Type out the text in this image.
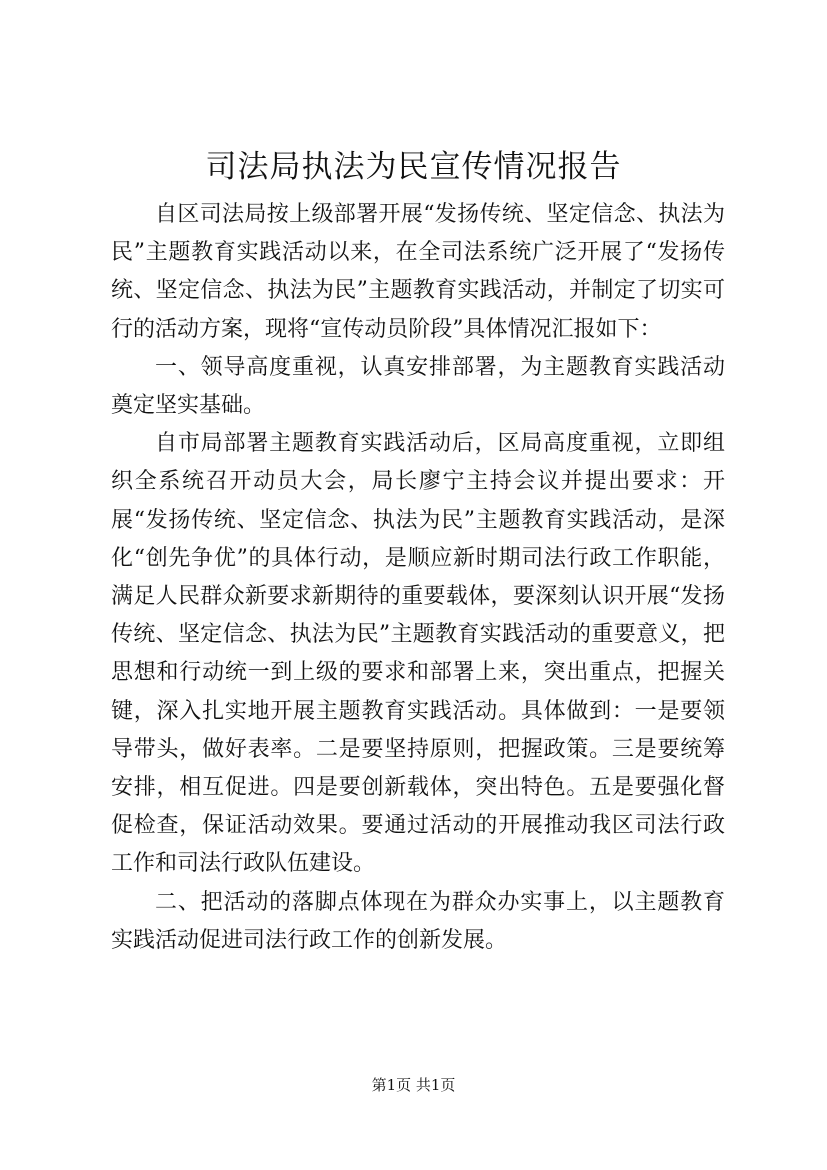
司法局执法为民宣传情况报告

自区司法局按上级部署开展“发扬传统、坚定信念、执法为民”主题教育实践活动以来，在全司法系统广泛开展了“发扬传统、坚定信念、执法为民”主题教育实践活动，并制定了切实可行的活动方案，现将“宣传动员阶段”具体情况汇报如下：

一、领导高度重视，认真安排部署，为主题教育实践活动奠定坚实基础。

自市局部署主题教育实践活动后，区局高度重视，立即组织全系统召开动员大会，局长廖宁主持会议并提出要求：开展“发扬传统、坚定信念、执法为民”主题教育实践活动，是深化“创先争优”的具体行动，是顺应新时期司法行政工作职能，满足人民群众新要求新期待的重要载体，要深刻认识开展“发扬传统、坚定信念、执法为民”主题教育实践活动的重要意义，把思想和行动统一到上级的要求和部署上来，突出重点，把握关键，深入扎实地开展主题教育实践活动。具体做到：一是要领导带头，做好表率。二是要坚持原则，把握政策。三是要统筹安排，相互促进。四是要创新载体，突出特色。五是要强化督促检查，保证活动效果。要通过活动的开展推动我区司法行政工作和司法行政队伍建设。

二、把活动的落脚点体现在为群众办实事上，以主题教育实践活动促进司法行政工作的创新发展。

第1页 共1页
